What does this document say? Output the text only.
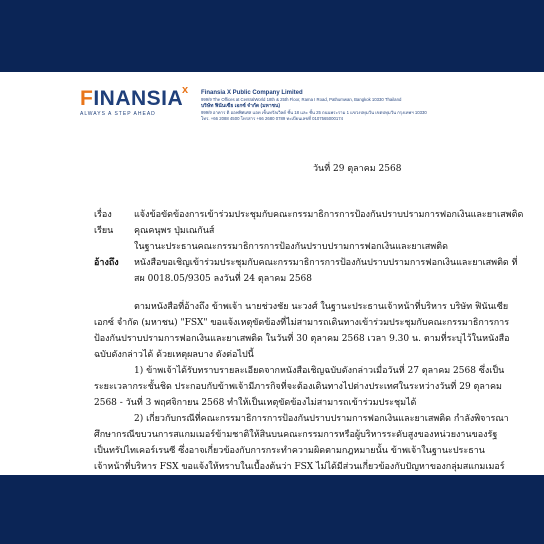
FINANSIA
x
ALWAYS A STEP AHEAD
Finansia X Public Company Limited
999/9 The Offices at CentralWorld 18th & 25th Floor, Rama I Road, Pathumwan, Bangkok 10330 Thailand
บริษัท ฟินันเซีย เอกซ์ จำกัด (มหาชน)
999/9 อาคาร ดิ ออฟฟิศเศส แอท เซ็นทรัลเวิลด์ ชั้น 18 และ ชั้น 25 ถนนพระราม 1 แขวงปทุมวัน เขตปทุมวัน กรุงเทพฯ 10330
โทร. +66 2088 4500 โทรสาร +66 2680 0789 ทะเบียนเลขที่ 0107565000174
วันที่ 29 ตุลาคม 2568
เรื่อง แจ้งข้อขัดข้องการเข้าร่วมประชุมกับคณะกรรมาธิการการป้องกันปราบปรามการฟอกเงินและยาเสพติด
เรียน คุณคนุพร ปุ่มเณกันส์
ในฐานะประธานคณะกรรมาธิการการป้องกันปราบปรามการฟอกเงินและยาเสพติด
อ้างถึง หนังสือขอเชิญเข้าร่วมประชุมกับคณะกรรมาธิการการป้องกันปราบปรามการฟอกเงินและยาเสพติด ที่
สผ 0018.05/9305 ลงวันที่ 24 ตุลาคม 2568
ตามหนังสือที่อ้างถึง ข้าพเจ้า นายช่วงชัย นะวงศ์ ในฐานะประธานเจ้าหน้าที่บริหาร บริษัท ฟินันเซีย
เอกซ์ จำกัด (มหาชน) "FSX" ขอแจ้งเหตุขัดข้องที่ไม่สามารถเดินทางเข้าร่วมประชุมกับคณะกรรมาธิการการ
ป้องกันปราบปรามการฟอกเงินและยาเสพติด ในวันที่ 30 ตุลาคม 2568 เวลา 9.30 น. ตามที่ระบุไว้ในหนังสือ
ฉบับดังกล่าวได้ ด้วยเหตุผลบาง ดังต่อไปนี้
1) ข้าพเจ้าได้รับทราบรายละเอียดจากหนังสือเชิญฉบับดังกล่าวเมื่อวันที่ 27 ตุลาคม 2568 ซึ่งเป็น
ระยะเวลากระชั้นชิด ประกอบกับข้าพเจ้ามีภารกิจที่จะต้องเดินทางไปต่างประเทศในระหว่างวันที่ 29 ตุลาคม
2568 - วันที่ 3 พฤศจิกายน 2568 ทำให้เป็นเหตุขัดข้องไม่สามารถเข้าร่วมประชุมได้
2) เกี่ยวกับกรณีที่คณะกรรมาธิการการป้องกันปราบปรามการฟอกเงินและยาเสพติด กำลังพิจารณา
ศึกษากรณีขบวนการสแกมเมอร์ข้ามชาติให้สินบนคณะกรรมการหรือผู้บริหารระดับสูงของหน่วยงานของรัฐ
เป็นทรัปไทเคอร์เรนซี ซึ่งอาจเกี่ยวข้องกับการกระทำความผิดตามกฎหมายนั้น ข้าพเจ้าในฐานะประธาน
เจ้าหน้าที่บริหาร FSX ขอแจ้งให้ทราบในเบื้องต้นว่า FSX ไม่ได้มีส่วนเกี่ยวข้องกับปัญหาของกลุ่มสแกมเมอร์
